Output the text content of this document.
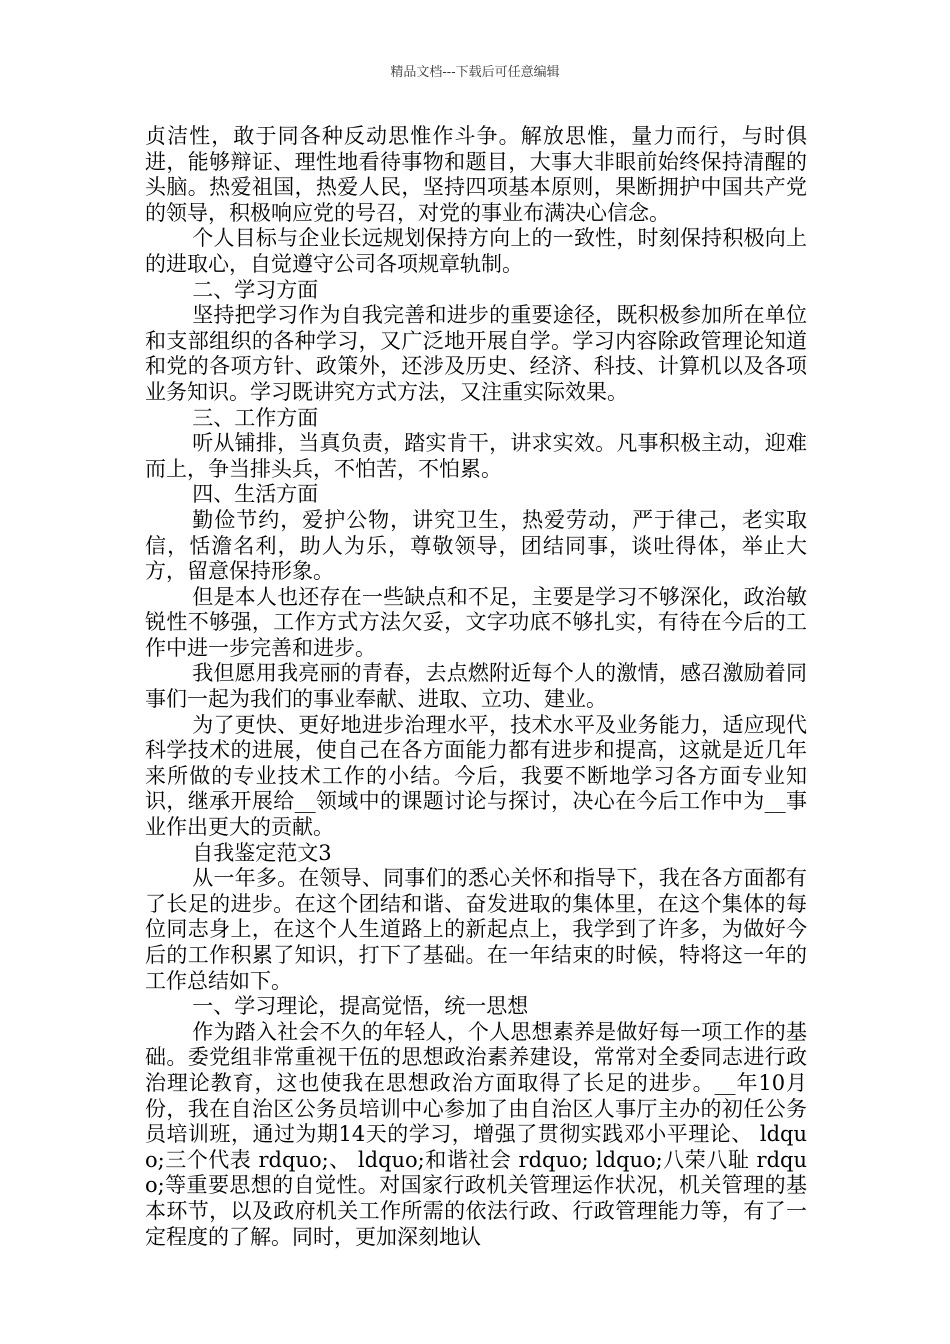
精品文档---下载后可任意编辑

贞洁性，敢于同各种反动思惟作斗争。解放思惟，量力而行，与时俱进，能够辩证、理性地看待事物和题目，大事大非眼前始终保持清醒的头脑。热爱祖国，热爱人民，坚持四项基本原则，果断拥护中国共产党的领导，积极响应党的号召，对党的事业布满决心信念。

个人目标与企业长远规划保持方向上的一致性，时刻保持积极向上的进取心，自觉遵守公司各项规章轨制。

二、学习方面

坚持把学习作为自我完善和进步的重要途径，既积极参加所在单位和支部组织的各种学习，又广泛地开展自学。学习内容除政管理论知道和党的各项方针、政策外，还涉及历史、经济、科技、计算机以及各项业务知识。学习既讲究方式方法，又注重实际效果。

三、工作方面

听从铺排，当真负责，踏实肯干，讲求实效。凡事积极主动，迎难而上，争当排头兵，不怕苦，不怕累。

四、生活方面

勤俭节约，爱护公物，讲究卫生，热爱劳动，严于律己，老实取信，恬澹名利，助人为乐，尊敬领导，团结同事，谈吐得体，举止大方，留意保持形象。

但是本人也还存在一些缺点和不足，主要是学习不够深化，政治敏锐性不够强，工作方式方法欠妥，文字功底不够扎实，有待在今后的工作中进一步完善和进步。

我但愿用我亮丽的青春，去点燃附近每个人的激情，感召激励着同事们一起为我们的事业奉献、进取、立功、建业。

为了更快、更好地进步治理水平，技术水平及业务能力，适应现代科学技术的进展，使自己在各方面能力都有进步和提高，这就是近几年来所做的专业技术工作的小结。今后，我要不断地学习各方面专业知识，继承开展给__领域中的课题讨论与探讨，决心在今后工作中为__事业作出更大的贡献。

自我鉴定范文3

从一年多。在领导、同事们的悉心关怀和指导下，我在各方面都有了长足的进步。在这个团结和谐、奋发进取的集体里，在这个集体的每位同志身上，在这个人生道路上的新起点上，我学到了许多，为做好今后的工作积累了知识，打下了基础。在一年结束的时候，特将这一年的工作总结如下。

一、学习理论，提高觉悟，统一思想

作为踏入社会不久的年轻人，个人思想素养是做好每一项工作的基础。委党组非常重视干伍的思想政治素养建设，常常对全委同志进行政治理论教育，这也使我在思想政治方面取得了长足的进步。__年10月份，我在自治区公务员培训中心参加了由自治区人事厅主办的初任公务员培训班，通过为期14天的学习，增强了贯彻实践邓小平理论、 ldquo;三个代表 rdquo;、 ldquo;和谐社会 rdquo; ldquo;八荣八耻 rdquo;等重要思想的自觉性。对国家行政机关管理运作状况，机关管理的基本环节，以及政府机关工作所需的依法行政、行政管理能力等，有了一定程度的了解。同时，更加深刻地认
